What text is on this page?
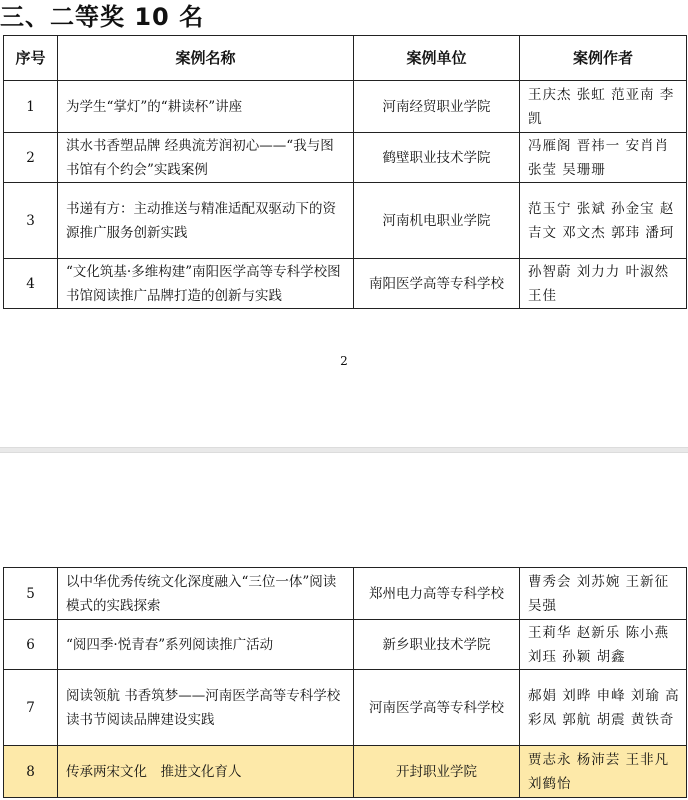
三、二等奖 10 名
序号	案例名称	案例单位	案例作者
1	为学生“掌灯”的“耕读杯”讲座	河南经贸职业学院	王庆杰 张虹 范亚南 李凯
2	淇水书香塑品牌 经典流芳润初心——“我与图书馆有个约会”实践案例	鹤壁职业技术学院	冯雁阁 晋祎一 安肖肖 张莹 吴珊珊
3	书递有方：主动推送与精准适配双驱动下的资源推广服务创新实践	河南机电职业学院	范玉宁 张斌 孙金宝 赵吉文 邓文杰 郭玮 潘珂
4	“文化筑基·多维构建”南阳医学高等专科学校图书馆阅读推广品牌打造的创新与实践	南阳医学高等专科学校	孙智蔚 刘力力 叶淑然 王佳
2
5	以中华优秀传统文化深度融入“三位一体”阅读模式的实践探索	郑州电力高等专科学校	曹秀会 刘苏婉 王新征 吴强
6	“阅四季·悦青春”系列阅读推广活动	新乡职业技术学院	王莉华 赵新乐 陈小燕 刘珏 孙颖 胡鑫
7	阅读领航 书香筑梦——河南医学高等专科学校读书节阅读品牌建设实践	河南医学高等专科学校	郝娟 刘晔 申峰 刘瑜 高彩凤 郭航 胡震 黄铁奇
8	传承两宋文化　推进文化育人	开封职业学院	贾志永 杨沛芸 王非凡 刘鹤怡
